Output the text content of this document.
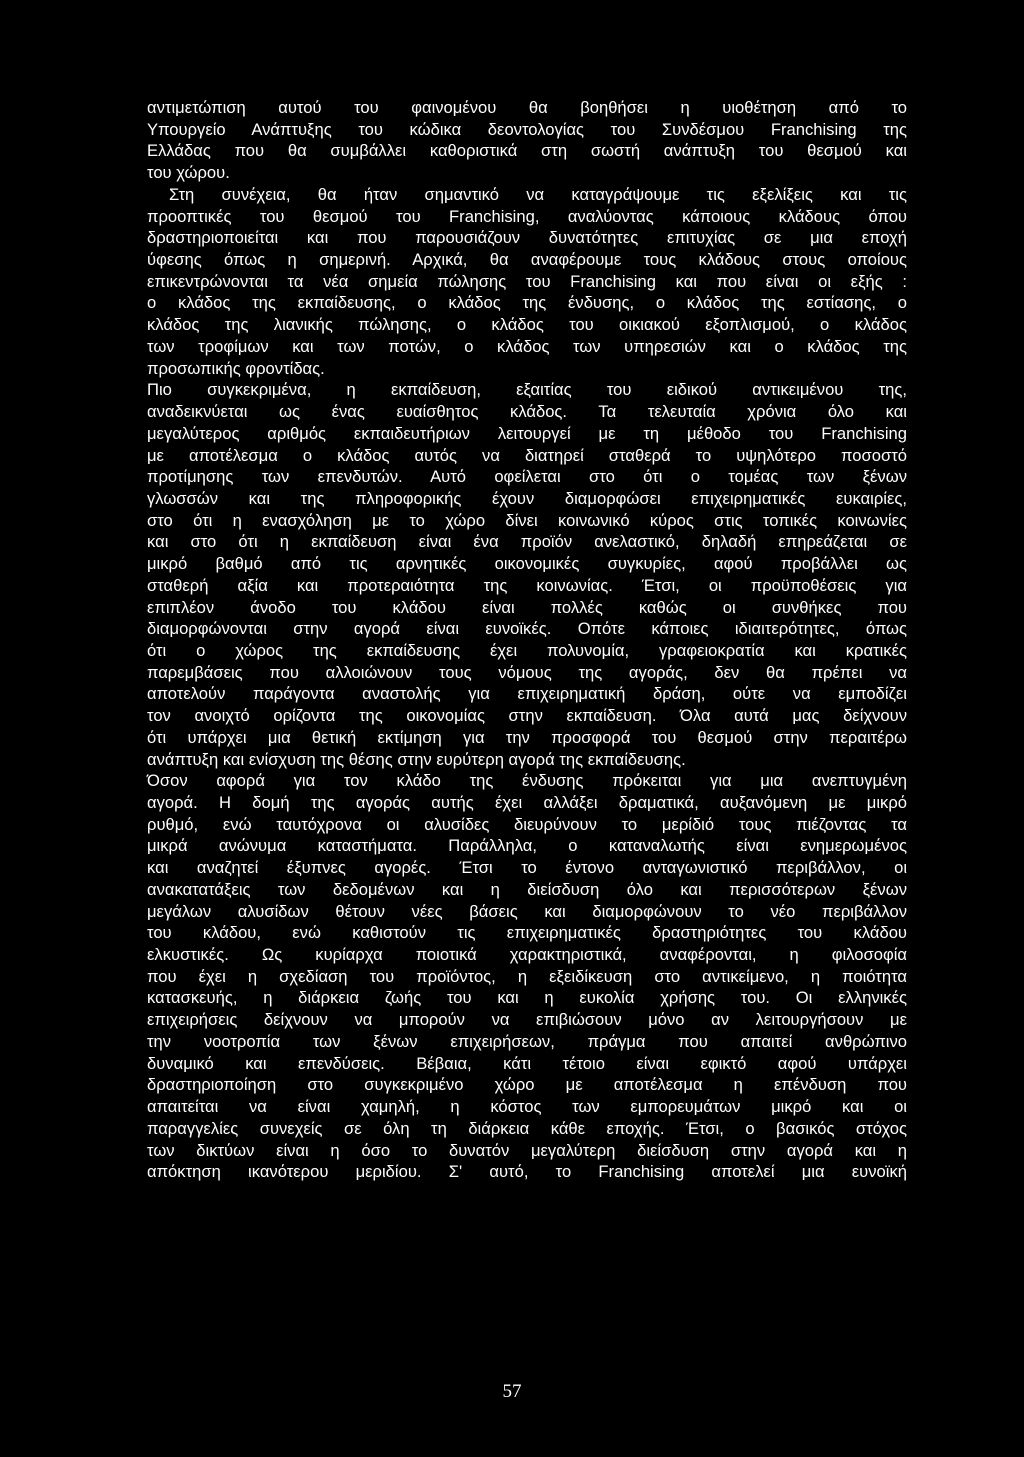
αντιμετώπιση αυτού του φαινομένου θα βοηθήσει η υιοθέτηση από το
Υπουργείο Ανάπτυξης του κώδικα δεοντολογίας του Συνδέσμου Franchising της
Ελλάδας που θα συμβάλλει καθοριστικά στη σωστή ανάπτυξη του θεσμού και
του χώρου.
Στη συνέχεια, θα ήταν σημαντικό να καταγράψουμε τις εξελίξεις και τις
προοπτικές του θεσμού του Franchising, αναλύοντας κάποιους κλάδους όπου
δραστηριοποιείται και που παρουσιάζουν δυνατότητες επιτυχίας σε μια εποχή
ύφεσης όπως η σημερινή. Αρχικά, θα αναφέρουμε τους κλάδους στους οποίους
επικεντρώνονται τα νέα σημεία πώλησης του Franchising και που είναι οι εξής :
ο κλάδος της εκπαίδευσης, ο κλάδος της ένδυσης, ο κλάδος της εστίασης, ο
κλάδος της λιανικής πώλησης, ο κλάδος του οικιακού εξοπλισμού, ο κλάδος
των τροφίμων και των ποτών, ο κλάδος των υπηρεσιών και ο κλάδος της
προσωπικής φροντίδας.
Πιο συγκεκριμένα, η εκπαίδευση, εξαιτίας του ειδικού αντικειμένου της,
αναδεικνύεται ως ένας ευαίσθητος κλάδος. Τα τελευταία χρόνια όλο και
μεγαλύτερος αριθμός εκπαιδευτήριων λειτουργεί με τη μέθοδο του Franchising
με αποτέλεσμα ο κλάδος αυτός να διατηρεί σταθερά το υψηλότερο ποσοστό
προτίμησης των επενδυτών. Αυτό οφείλεται στο ότι ο τομέας των ξένων
γλωσσών και της πληροφορικής έχουν διαμορφώσει επιχειρηματικές ευκαιρίες,
στο ότι η ενασχόληση με το χώρο δίνει κοινωνικό κύρος στις τοπικές κοινωνίες
και στο ότι η εκπαίδευση είναι ένα προϊόν ανελαστικό, δηλαδή επηρεάζεται σε
μικρό βαθμό από τις αρνητικές οικονομικές συγκυρίες, αφού προβάλλει ως
σταθερή αξία και προτεραιότητα της κοινωνίας. Έτσι, οι προϋποθέσεις για
επιπλέον άνοδο του κλάδου είναι πολλές καθώς οι συνθήκες που
διαμορφώνονται στην αγορά είναι ευνοϊκές. Οπότε κάποιες ιδιαιτερότητες, όπως
ότι ο χώρος της εκπαίδευσης έχει πολυνομία, γραφειοκρατία και κρατικές
παρεμβάσεις που αλλοιώνουν τους νόμους της αγοράς, δεν θα πρέπει να
αποτελούν παράγοντα αναστολής για επιχειρηματική δράση, ούτε να εμποδίζει
τον ανοιχτό ορίζοντα της οικονομίας στην εκπαίδευση. Όλα αυτά μας δείχνουν
ότι υπάρχει μια θετική εκτίμηση για την προσφορά του θεσμού στην περαιτέρω
ανάπτυξη και ενίσχυση της θέσης στην ευρύτερη αγορά της εκπαίδευσης.
Όσον αφορά για τον κλάδο της ένδυσης πρόκειται για μια ανεπτυγμένη
αγορά. Η δομή της αγοράς αυτής έχει αλλάξει δραματικά, αυξανόμενη με μικρό
ρυθμό, ενώ ταυτόχρονα οι αλυσίδες διευρύνουν το μερίδιό τους πιέζοντας τα
μικρά ανώνυμα καταστήματα. Παράλληλα, ο καταναλωτής είναι ενημερωμένος
και αναζητεί έξυπνες αγορές. Έτσι το έντονο ανταγωνιστικό περιβάλλον, οι
ανακατατάξεις των δεδομένων και η διείσδυση όλο και περισσότερων ξένων
μεγάλων αλυσίδων θέτουν νέες βάσεις και διαμορφώνουν το νέο περιβάλλον
του κλάδου, ενώ καθιστούν τις επιχειρηματικές δραστηριότητες του κλάδου
ελκυστικές. Ως κυρίαρχα ποιοτικά χαρακτηριστικά, αναφέρονται, η φιλοσοφία
που έχει η σχεδίαση του προϊόντος, η εξειδίκευση στο αντικείμενο, η ποιότητα
κατασκευής, η διάρκεια ζωής του και η ευκολία χρήσης του. Οι ελληνικές
επιχειρήσεις δείχνουν να μπορούν να επιβιώσουν μόνο αν λειτουργήσουν με
την νοοτροπία των ξένων επιχειρήσεων, πράγμα που απαιτεί ανθρώπινο
δυναμικό και επενδύσεις. Βέβαια, κάτι τέτοιο είναι εφικτό αφού υπάρχει
δραστηριοποίηση στο συγκεκριμένο χώρο με αποτέλεσμα η επένδυση που
απαιτείται να είναι χαμηλή, η κόστος των εμπορευμάτων μικρό και οι
παραγγελίες συνεχείς σε όλη τη διάρκεια κάθε εποχής. Έτσι, ο βασικός στόχος
των δικτύων είναι η όσο το δυνατόν μεγαλύτερη διείσδυση στην αγορά και η
απόκτηση ικανότερου μεριδίου. Σ' αυτό, το Franchising αποτελεί μια ευνοϊκή
57
